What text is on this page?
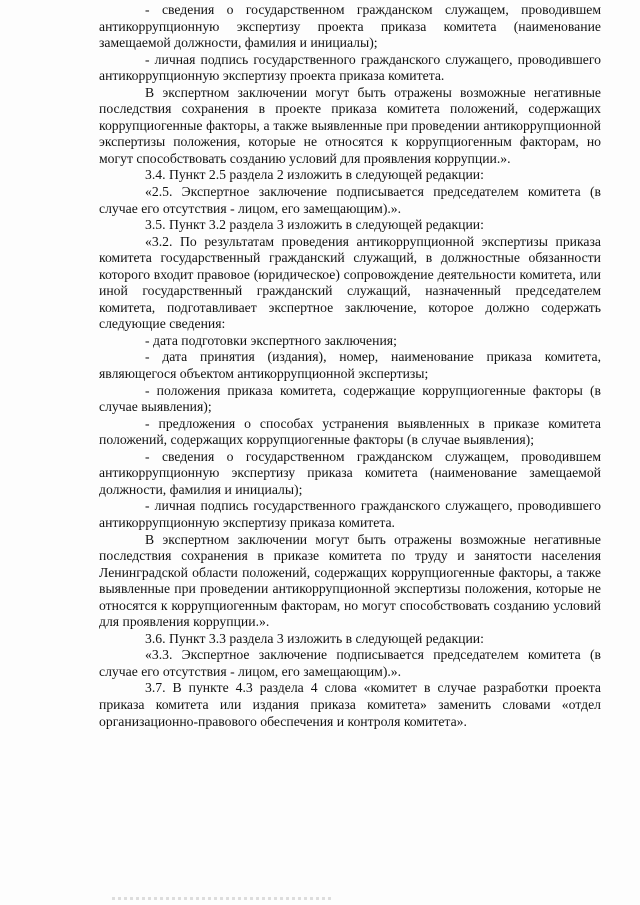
- сведения о государственном гражданском служащем, проводившем антикоррупционную экспертизу проекта приказа комитета (наименование замещаемой должности, фамилия и инициалы);

- личная подпись государственного гражданского служащего, проводившего антикоррупционную экспертизу проекта приказа комитета.

В экспертном заключении могут быть отражены возможные негативные последствия сохранения в проекте приказа комитета положений, содержащих коррупциогенные факторы, а также выявленные при проведении антикоррупционной экспертизы положения, которые не относятся к коррупциогенным факторам, но могут способствовать созданию условий для проявления коррупции.».

3.4. Пункт 2.5 раздела 2 изложить в следующей редакции:

«2.5. Экспертное заключение подписывается председателем комитета (в случае его отсутствия - лицом, его замещающим).».

3.5. Пункт 3.2 раздела 3 изложить в следующей редакции:

«3.2. По результатам проведения антикоррупционной экспертизы приказа комитета государственный гражданский служащий, в должностные обязанности которого входит правовое (юридическое) сопровождение деятельности комитета, или иной государственный гражданский служащий, назначенный председателем комитета, подготавливает экспертное заключение, которое должно содержать следующие сведения:

- дата подготовки экспертного заключения;

- дата принятия (издания), номер, наименование приказа комитета, являющегося объектом антикоррупционной экспертизы;

- положения приказа комитета, содержащие коррупциогенные факторы (в случае выявления);

- предложения о способах устранения выявленных в приказе комитета положений, содержащих коррупциогенные факторы (в случае выявления);

- сведения о государственном гражданском служащем, проводившем антикоррупционную экспертизу приказа комитета (наименование замещаемой должности, фамилия и инициалы);

- личная подпись государственного гражданского служащего, проводившего антикоррупционную экспертизу приказа комитета.

В экспертном заключении могут быть отражены возможные негативные последствия сохранения в приказе комитета по труду и занятости населения Ленинградской области положений, содержащих коррупциогенные факторы, а также выявленные при проведении антикоррупционной экспертизы положения, которые не относятся к коррупциогенным факторам, но могут способствовать созданию условий для проявления коррупции.».

3.6. Пункт 3.3 раздела 3 изложить в следующей редакции:

«3.3. Экспертное заключение подписывается председателем комитета (в случае его отсутствия - лицом, его замещающим).».

3.7. В пункте 4.3 раздела 4 слова «комитет в случае разработки проекта приказа комитета или издания приказа комитета» заменить словами «отдел организационно-правового обеспечения и контроля комитета».
